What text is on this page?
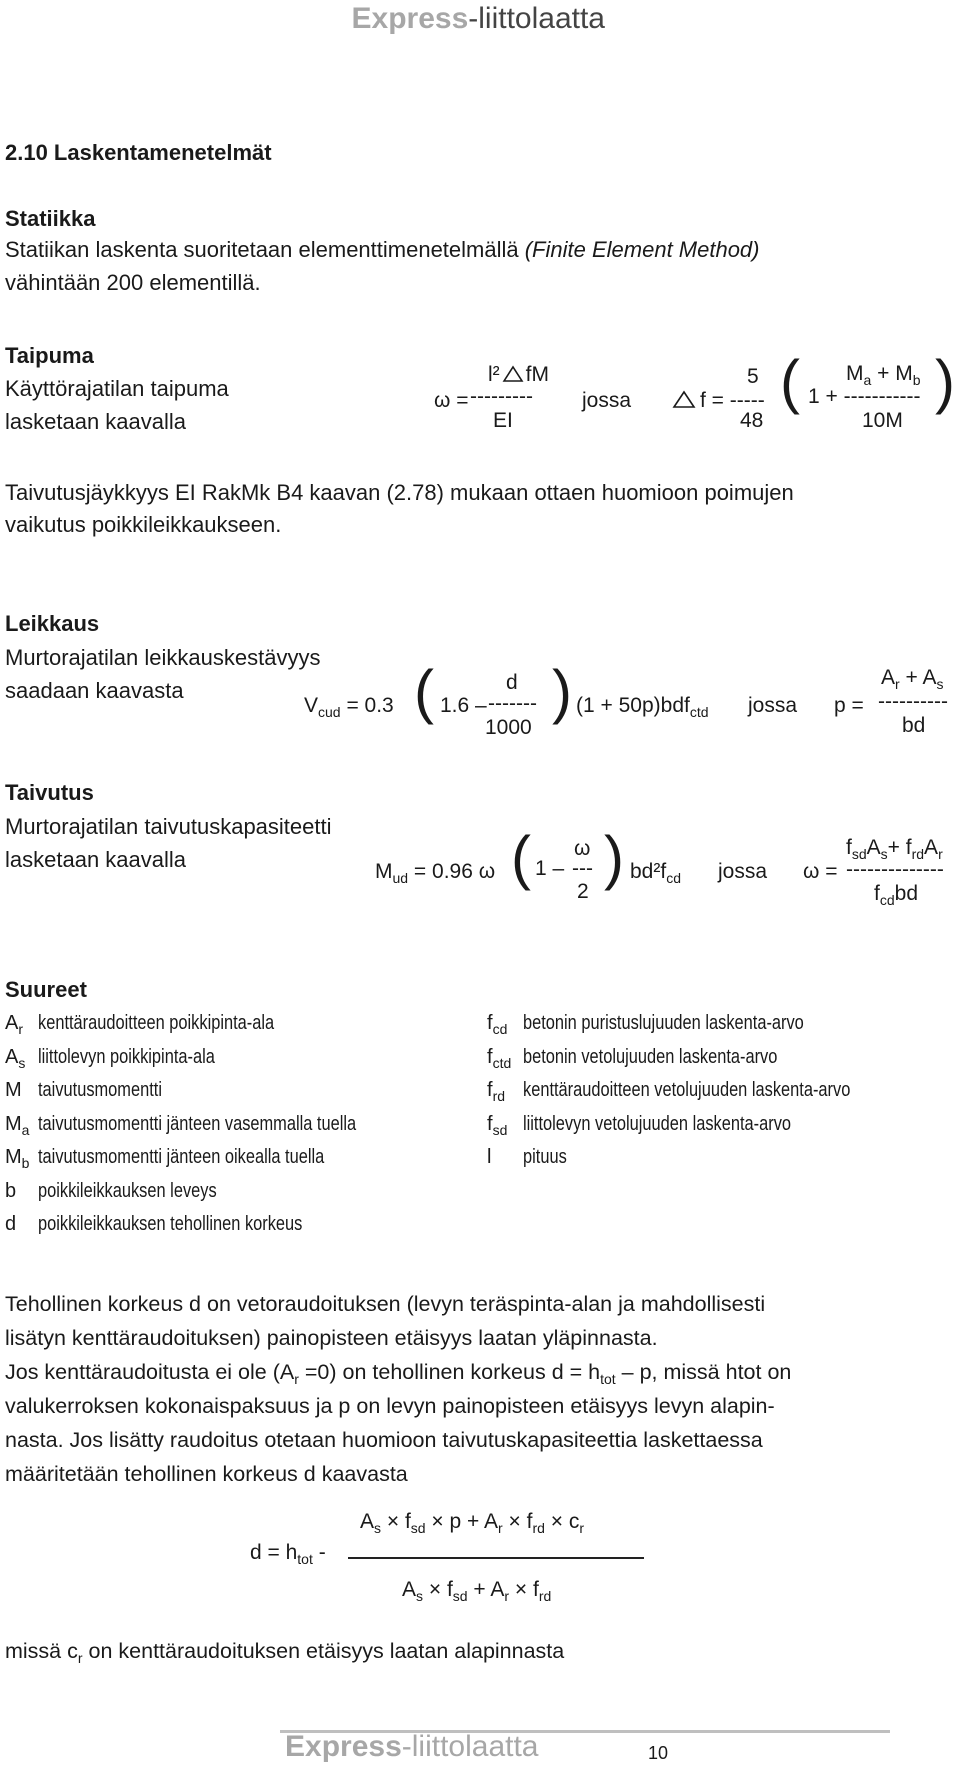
Express-liittolaatta
2.10 Laskentamenetelmät
Statiikka
Statiikan laskenta suoritetaan elementtimenetelmällä (Finite Element Method)
vähintään 200 elementillä.
Taipuma
Käyttörajatilan taipuma
lasketaan kaavalla
ω =
l² fM
---------
EI
jossa	f = -----
5
48
( 1 + -----------
$M_a + M_b$
10M
)
Taivutusjäykkyys EI RakMk B4 kaavan (2.78) mukaan ottaen huomioon poimujen
vaikutus poikkileikkaukseen.
Leikkaus
Murtorajatilan leikkauskestävyys
saadaan kaavasta
$V_{cud} = 0.3$ ( 1.6 –
d
-------
1000
) (1 + 50p)bdf$_{ctd}$ jossa p =
$A_r + A_s$
----------
bd
Taivutus
Murtorajatilan taivutuskapasiteetti
lasketaan kaavalla	$M_{ud} = 0.96$ ω ( 1 –
ω
---
2
) $bd^2f_{cd}$ jossa ω =
$f_{sd}A_s+ f_{rd}A_r$
--------------
$f_{cd}bd$
Suureet
Ar kenttäraudoitteen poikkipinta-ala
As liittolevyn poikkipinta-ala
M taivutusmomentti
Ma taivutusmomentti jänteen vasemmalla tuella
Mb taivutusmomentti jänteen oikealla tuella
b poikkileikkauksen leveys
d poikkileikkauksen tehollinen korkeus
fcd betonin puristuslujuuden laskenta-arvo
fctd betonin vetolujuuden laskenta-arvo
frd kenttäraudoitteen vetolujuuden laskenta-arvo
fsd liittolevyn vetolujuuden laskenta-arvo
l pituus
Tehollinen korkeus d on vetoraudoituksen (levyn teräspinta-alan ja mahdollisesti
lisätyn kenttäraudoituksen) painopisteen etäisyys laatan yläpinnasta.
Jos kenttäraudoitusta ei ole $(A_r =0)$ on tehollinen korkeus $d = h_{tot} - p$, missä htot on
valukerroksen kokonaispaksuus ja p on levyn painopisteen etäisyys levyn alapin-
nasta. Jos lisätty raudoitus otetaan huomioon taivutuskapasiteettia laskettaessa
määritetään tehollinen korkeus d kaavasta
$d = h_{tot}$ -
$A_s \times f_{sd} \times p + A_r \times f_{rd} \times c_r$
$A_s \times f_{sd} + A_r \times f_{rd}$
missä $c_r$ on kenttäraudoituksen etäisyys laatan alapinnasta
Express-liittolaatta	10
